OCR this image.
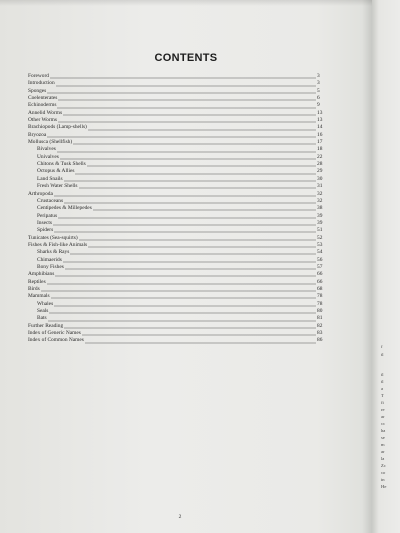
CONTENTS
Foreword	3
Introduction	3
Sponges	5
Coelenterates	6
Echinoderms	9
Annelid Worms	13
Other Worms	13
Brachiopods (Lamp-shells)	14
Bryozoa	16
Mollusca (Shellfish)	17
Bivalves	18
Univalves	22
Chitons & Tusk Shells	28
Octopus & Allies	29
Land Snails	30
Fresh Water Shells	31
Arthropoda	32
Crustaceans	32
Centipedes & Millepedes	38
Peripatus	39
Insects	39
Spiders	51
Tunicates (Sea-squirts)	52
Fishes & Fish-like Animals	53
Sharks & Rays	54
Chimaerids	56
Bony Fishes	57
Amphibians	66
Reptiles	66
Birds	68
Mammals	78
Whales	78
Seals	80
Bats	81
Further Reading	82
Index of Generic Names	83
Index of Common Names	86
2
f
tl
il
tl
a
T
fi
re
ar
cc
ha
se
m
ar
la
Zc
co
in
He
